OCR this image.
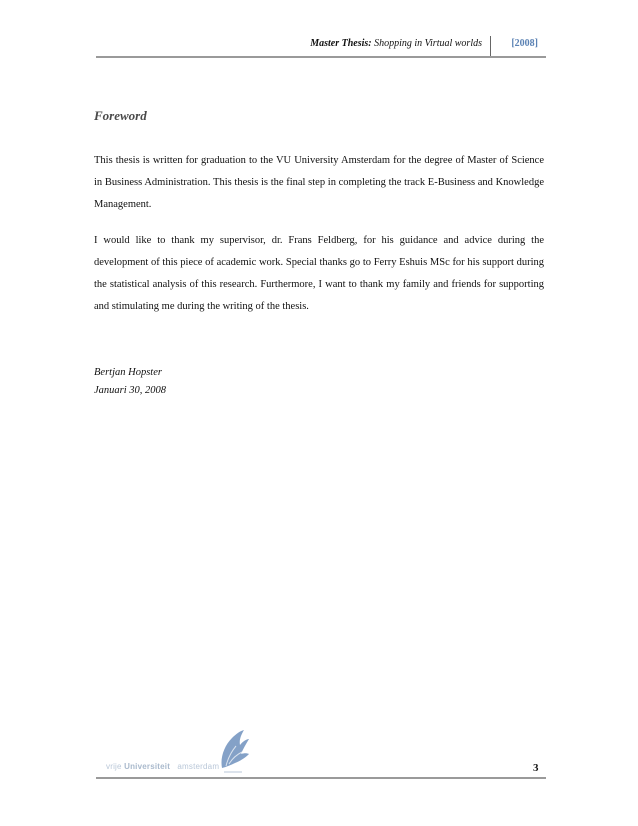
Master Thesis: Shopping in Virtual worlds	[2008]
Foreword

This thesis is written for graduation to the VU University Amsterdam for the degree of Master of Science in Business Administration. This thesis is the final step in completing the track E-Business and Knowledge Management.

I would like to thank my supervisor, dr. Frans Feldberg, for his guidance and advice during the development of this piece of academic work. Special thanks go to Ferry Eshuis MSc for his support during the statistical analysis of this research. Furthermore, I want to thank my family and friends for supporting and stimulating me during the writing of the thesis.

Bertjan Hopster
Januari 30, 2008
vrije Universiteit amsterdam	3
